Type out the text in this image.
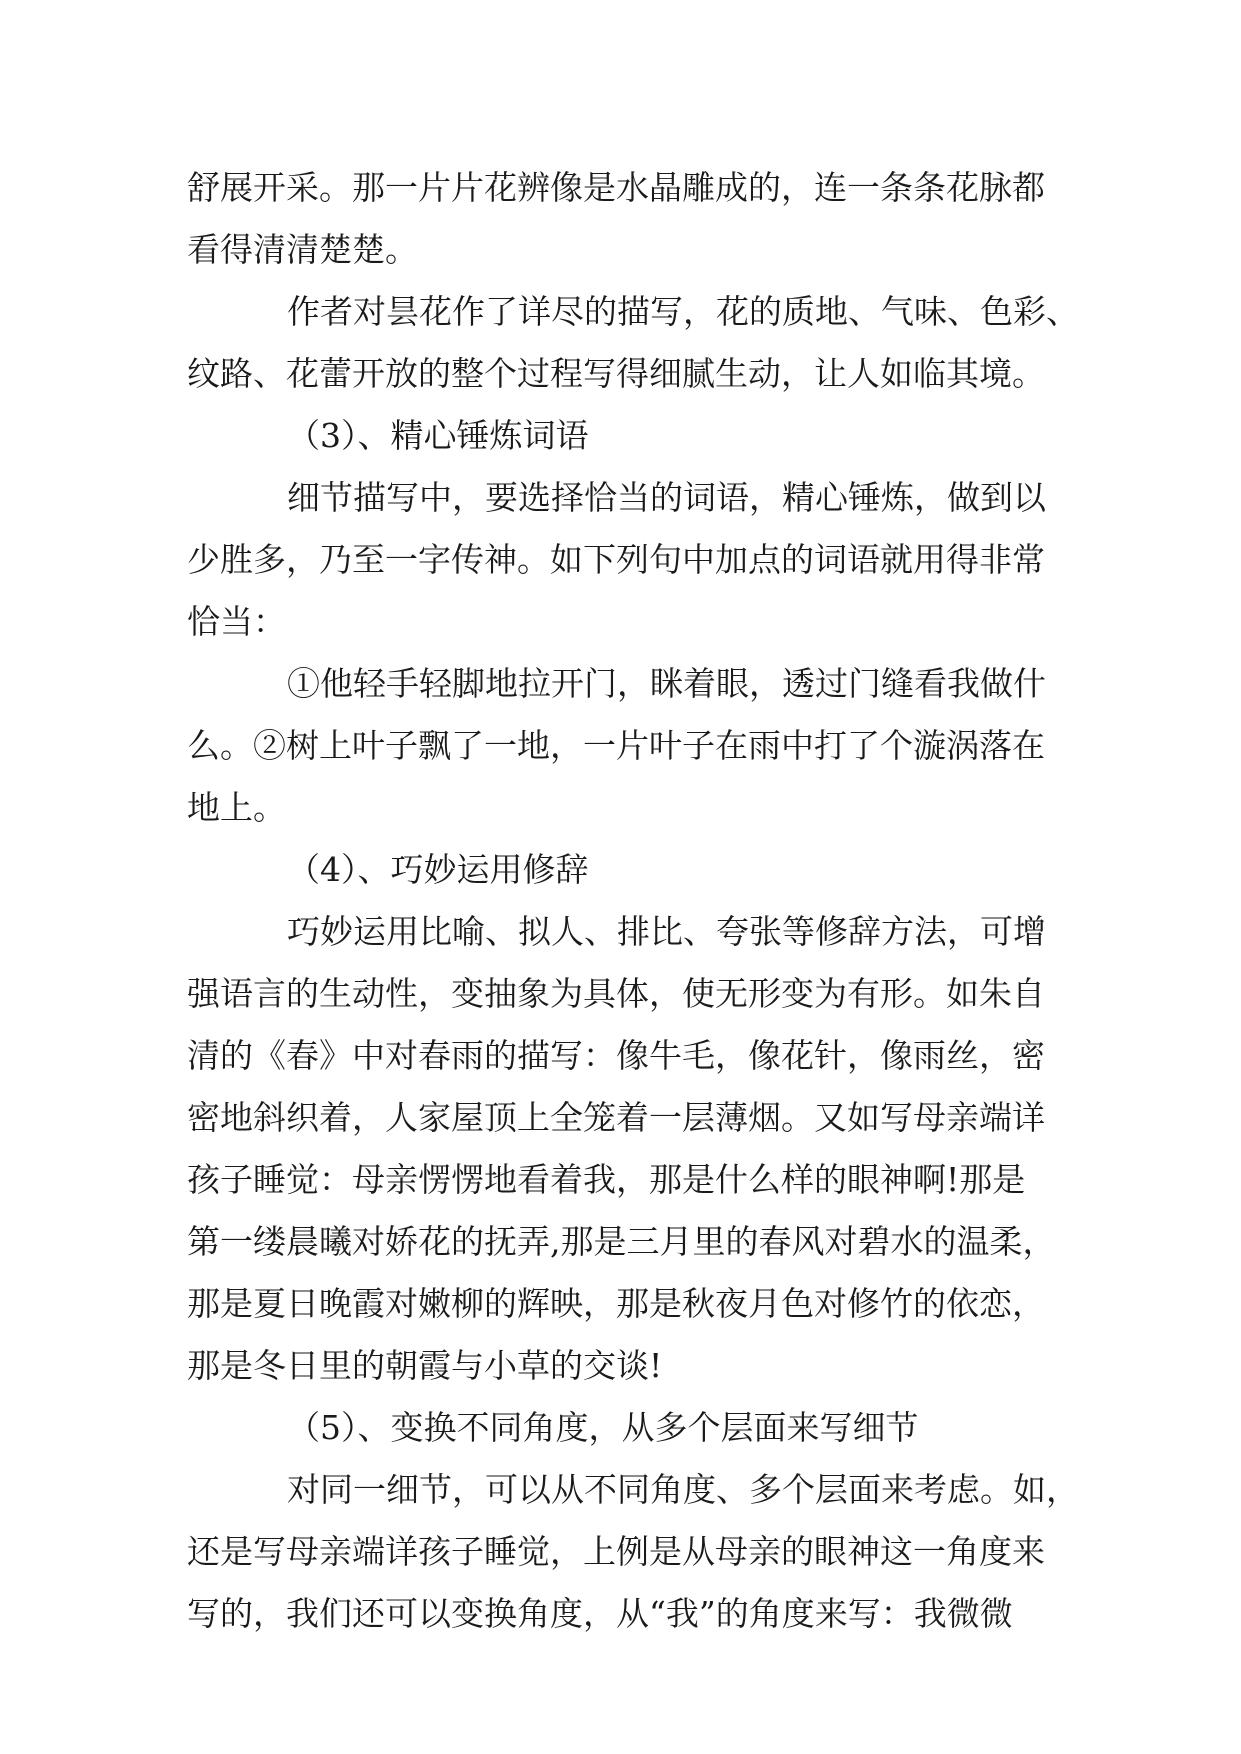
舒展开采。那一片片花辨像是水晶雕成的，连一条条花脉都
看得清清楚楚。
作者对昙花作了详尽的描写，花的质地、气味、色彩、
纹路、花蕾开放的整个过程写得细腻生动，让人如临其境。
（3）、精心锤炼词语
细节描写中，要选择恰当的词语，精心锤炼，做到以
少胜多，乃至一字传神。如下列句中加点的词语就用得非常
恰当：
①他轻手轻脚地拉开门，眯着眼，透过门缝看我做什
么。②树上叶子飘了一地，一片叶子在雨中打了个漩涡落在
地上。
（4）、巧妙运用修辞
巧妙运用比喻、拟人、排比、夸张等修辞方法，可增
强语言的生动性，变抽象为具体，使无形变为有形。如朱自
清的《春》中对春雨的描写：像牛毛，像花针，像雨丝，密
密地斜织着，人家屋顶上全笼着一层薄烟。又如写母亲端详
孩子睡觉：母亲愣愣地看着我，那是什么样的眼神啊!那是
第一缕晨曦对娇花的抚弄,那是三月里的春风对碧水的温柔，
那是夏日晚霞对嫩柳的辉映，那是秋夜月色对修竹的依恋，
那是冬日里的朝霞与小草的交谈!
（5）、变换不同角度，从多个层面来写细节
对同一细节，可以从不同角度、多个层面来考虑。如，
还是写母亲端详孩子睡觉，上例是从母亲的眼神这一角度来
写的，我们还可以变换角度，从“我”的角度来写：我微微
